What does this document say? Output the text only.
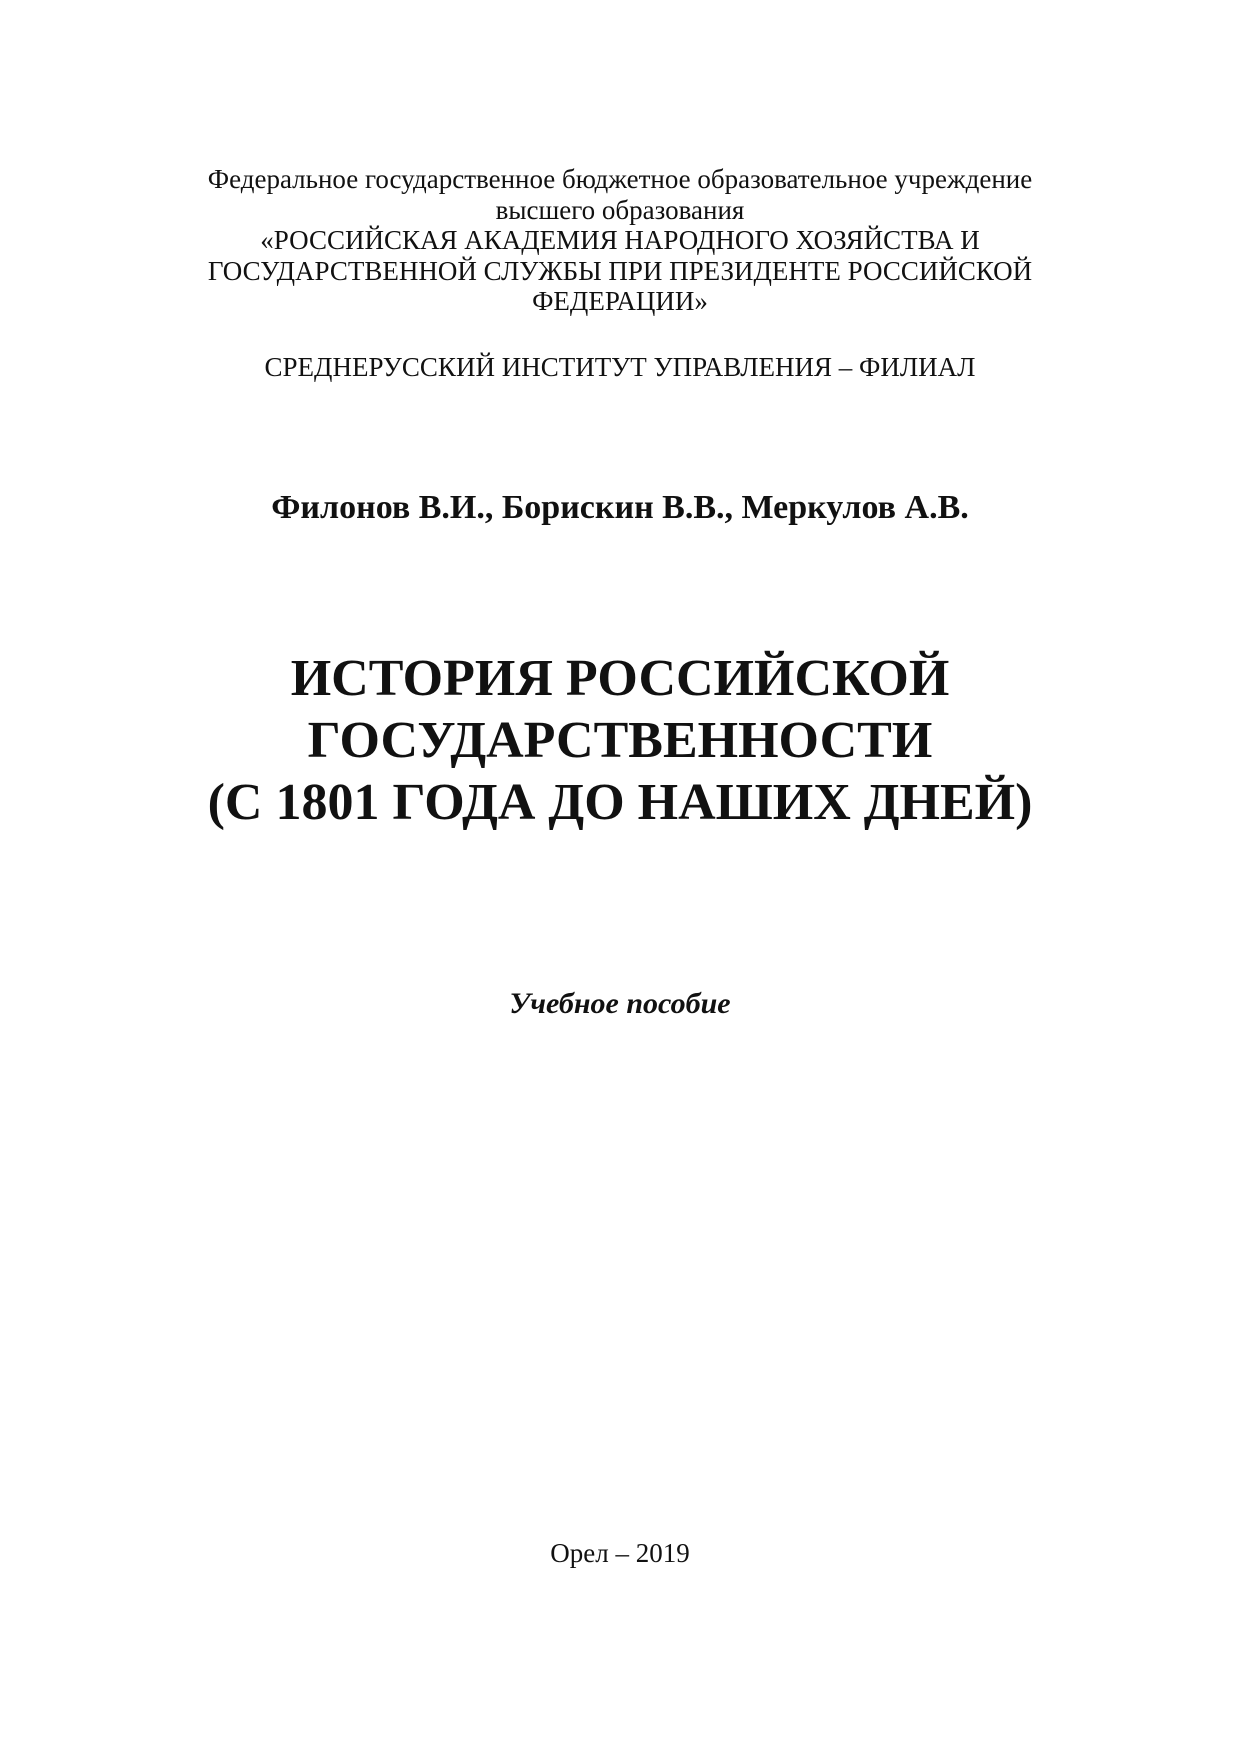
Федеральное государственное бюджетное образовательное учреждение
высшего образования
«РОССИЙСКАЯ АКАДЕМИЯ НАРОДНОГО ХОЗЯЙСТВА И
ГОСУДАРСТВЕННОЙ СЛУЖБЫ ПРИ ПРЕЗИДЕНТЕ РОССИЙСКОЙ
ФЕДЕРАЦИИ»
СРЕДНЕРУССКИЙ ИНСТИТУТ УПРАВЛЕНИЯ – ФИЛИАЛ
Филонов В.И., Борискин В.В., Меркулов А.В.
ИСТОРИЯ РОССИЙСКОЙ
ГОСУДАРСТВЕННОСТИ
(С 1801 ГОДА ДО НАШИХ ДНЕЙ)
Учебное пособие
Орел – 2019
